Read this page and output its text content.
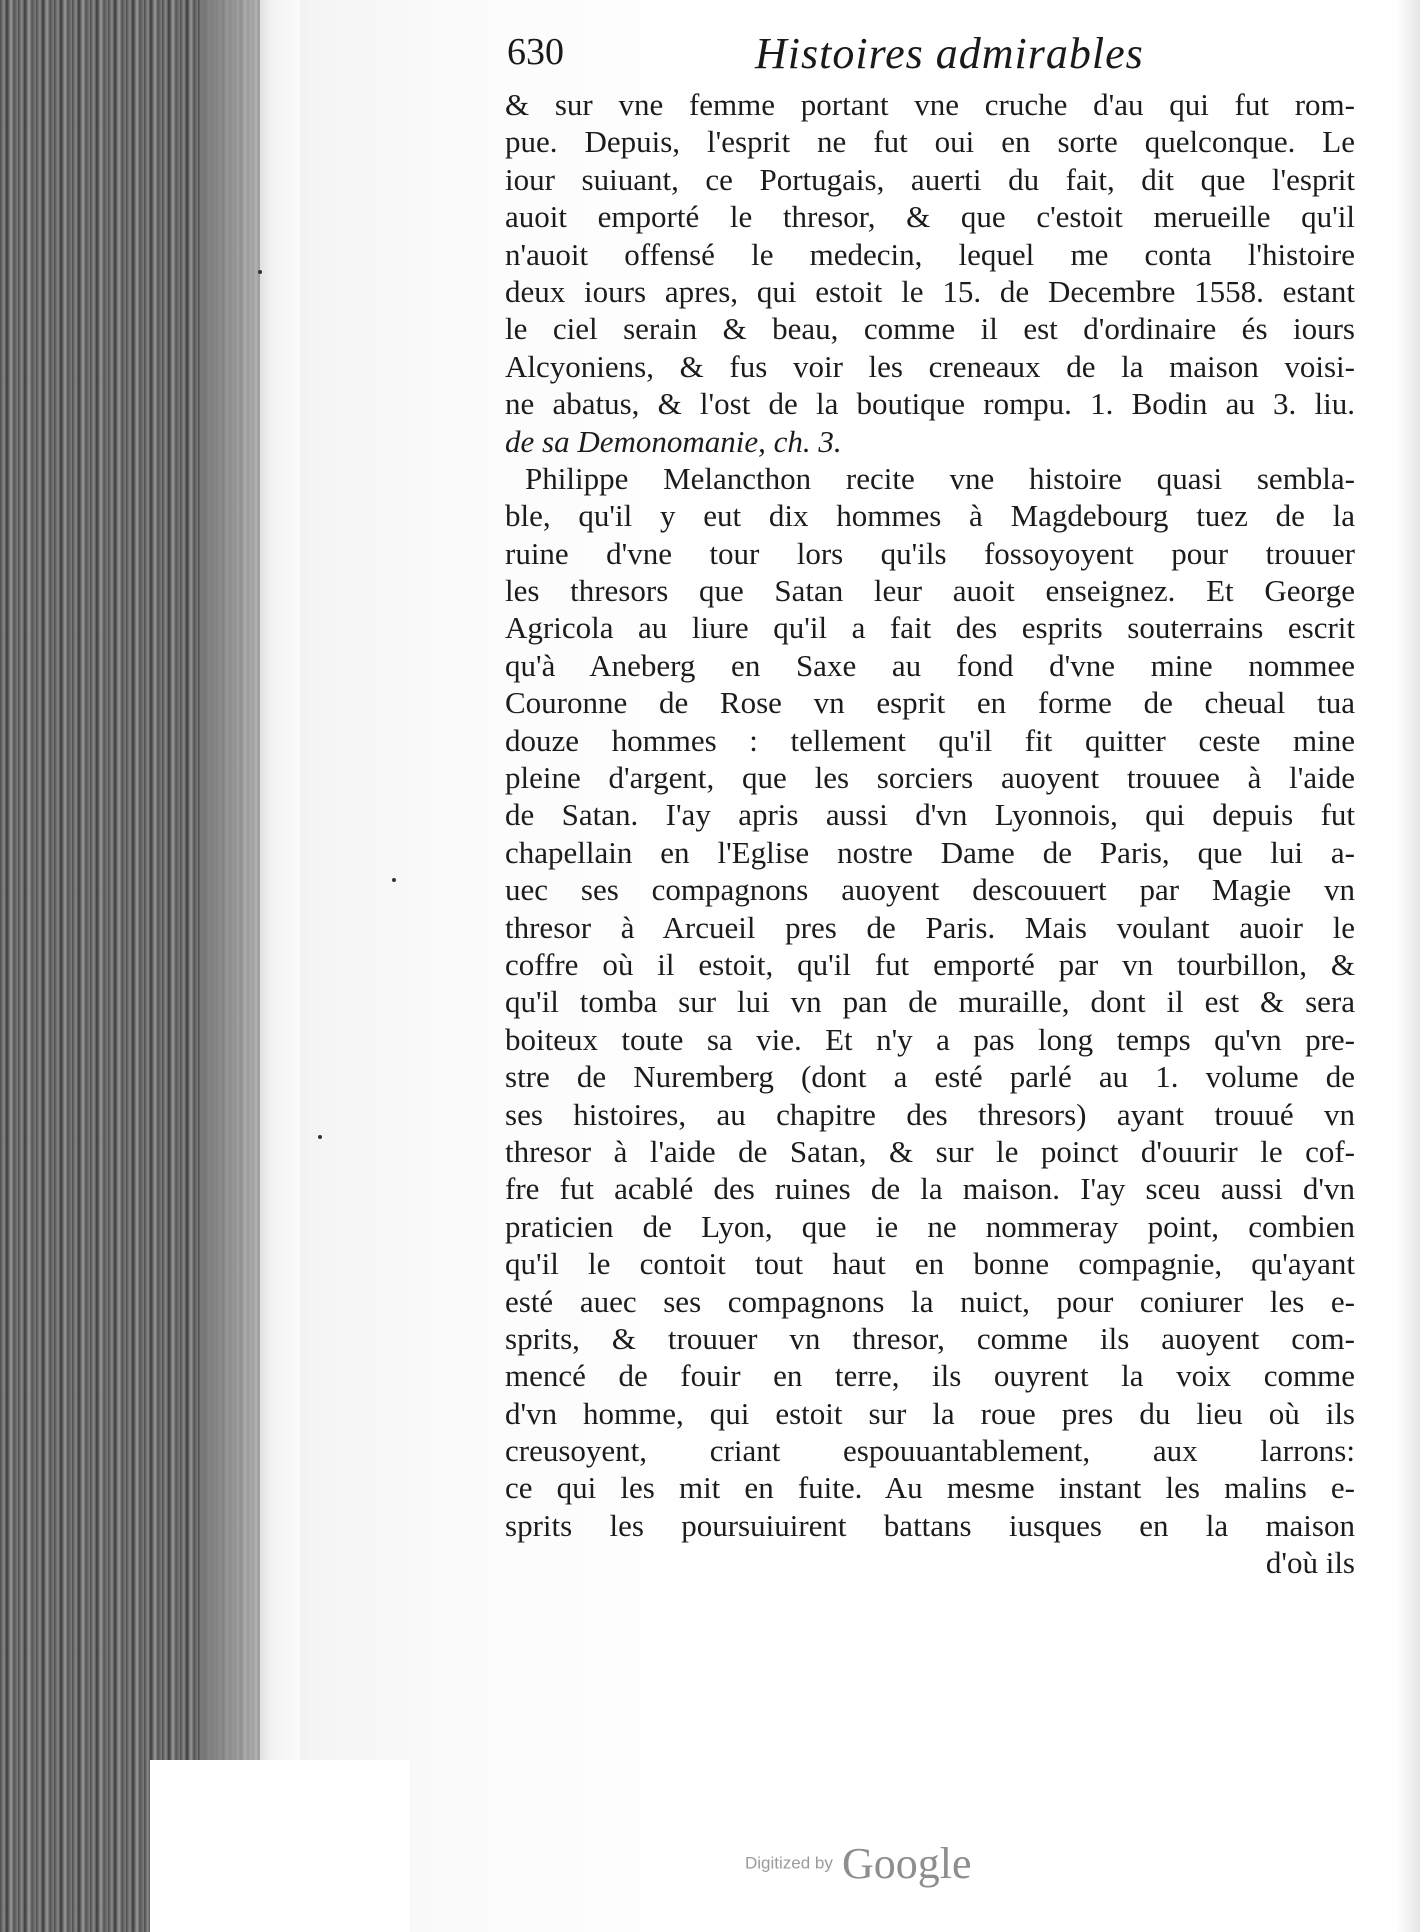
630	Histoires admirables
& sur vne femme portant vne cruche d'au qui fut rom-
pue. Depuis, l'esprit ne fut oui en sorte quelconque. Le
iour suiuant, ce Portugais, auerti du fait, dit que l'esprit
auoit emporté le thresor, & que c'estoit merueille qu'il
n'auoit offensé le medecin, lequel me conta l'histoire
deux iours apres, qui estoit le 15. de Decembre 1558. estant
le ciel serain & beau, comme il est d'ordinaire és iours
Alcyoniens, & fus voir les creneaux de la maison voisi-
ne abatus, & l'ost de la boutique rompu. 1. Bodin au 3. liu.
de sa Demonomanie, ch. 3.
Philippe Melancthon recite vne histoire quasi sembla-
ble, qu'il y eut dix hommes à Magdebourg tuez de la
ruine d'vne tour lors qu'ils fossoyoyent pour trouuer
les thresors que Satan leur auoit enseignez. Et George
Agricola au liure qu'il a fait des esprits souterrains escrit
qu'à Aneberg en Saxe au fond d'vne mine nommee
Couronne de Rose vn esprit en forme de cheual tua
douze hommes : tellement qu'il fit quitter ceste mine
pleine d'argent, que les sorciers auoyent trouuee à l'aide
de Satan. I'ay apris aussi d'vn Lyonnois, qui depuis fut
chapellain en l'Eglise nostre Dame de Paris, que lui a-
uec ses compagnons auoyent descouuert par Magie vn
thresor à Arcueil pres de Paris. Mais voulant auoir le
coffre où il estoit, qu'il fut emporté par vn tourbillon, &
qu'il tomba sur lui vn pan de muraille, dont il est & sera
boiteux toute sa vie. Et n'y a pas long temps qu'vn pre-
stre de Nuremberg (dont a esté parlé au 1. volume de
ses histoires, au chapitre des thresors) ayant trouué vn
thresor à l'aide de Satan, & sur le poinct d'ouurir le cof-
fre fut acablé des ruines de la maison. I'ay sceu aussi d'vn
praticien de Lyon, que ie ne nommeray point, combien
qu'il le contoit tout haut en bonne compagnie, qu'ayant
esté auec ses compagnons la nuict, pour coniurer les e-
sprits, & trouuer vn thresor, comme ils auoyent com-
mencé de fouir en terre, ils ouyrent la voix comme
d'vn homme, qui estoit sur la roue pres du lieu où ils
creusoyent, criant espouuantablement, aux larrons:
ce qui les mit en fuite. Au mesme instant les malins e-
sprits les poursuiuirent battans iusques en la maison
d'où ils
Digitized by Google
